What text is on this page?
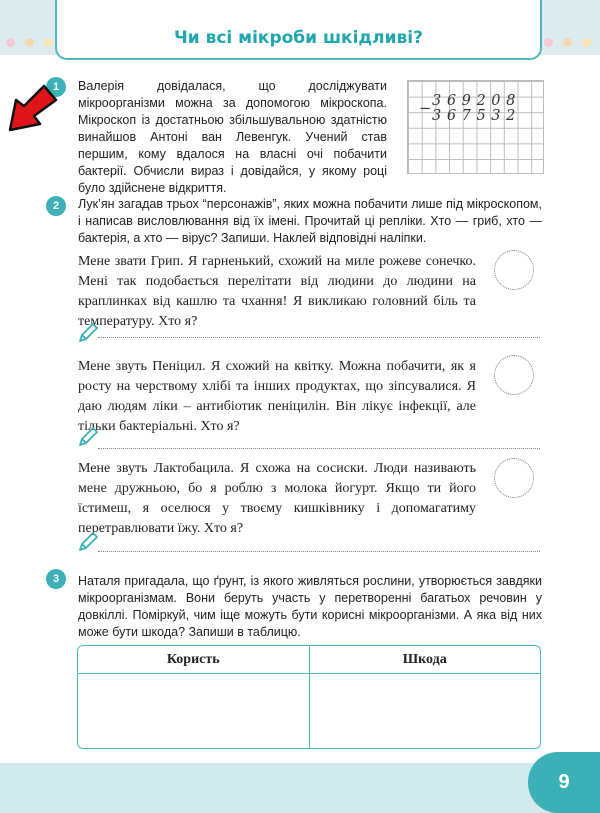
Чи всі мікроби шкідливі?
1	Валерія довідалася, що досліджувати мікроорганізми можна за допомогою мікроскопа. Мікроскоп із достатньою збільшувальною здатністю винайшов Антоні ван Левенгук. Учений став першим, кому вдалося на власні очі побачити бактерії. Обчисли вираз і довідайся, у якому році було здійснене відкриття.
−
369208
367532
2	Лук’ян загадав трьох “персонажів”, яких можна побачити лише під мікроскопом, і написав висловлювання від їх імені. Прочитай ці репліки. Хто — гриб, хто — бактерія, а хто — вірус? Запиши. Наклей відповідні наліпки.
Мене звати Грип. Я гарненький, схожий на миле рожеве сонечко. Мені так подобається перелітати від людини до людини на краплинках від кашлю та чхання! Я викликаю головний біль та температуру. Хто я?
Мене звуть Пеніцил. Я схожий на квітку. Можна побачити, як я росту на черствому хлібі та інших продуктах, що зіпсувалися. Я даю людям ліки – антибіотик пеніцилін. Він лікує інфекції, але тільки бактеріальні. Хто я?
Мене звуть Лактобацила. Я схожа на сосиски. Люди називають мене дружньою, бо я роблю з молока йогурт. Якщо ти його їстимеш, я оселюся у твоєму кишківнику і допомагатиму перетравлювати їжу. Хто я?
3	Наталя пригадала, що ґрунт, із якого живляться рослини, утворюється завдяки мікроорганізмам. Вони беруть участь у перетворенні багатьох речовин у довкіллі. Поміркуй, чим іще можуть бути корисні мікроорганізми. А яка від них може бути шкода? Запиши в таблицю.
Користь	Шкода
9
